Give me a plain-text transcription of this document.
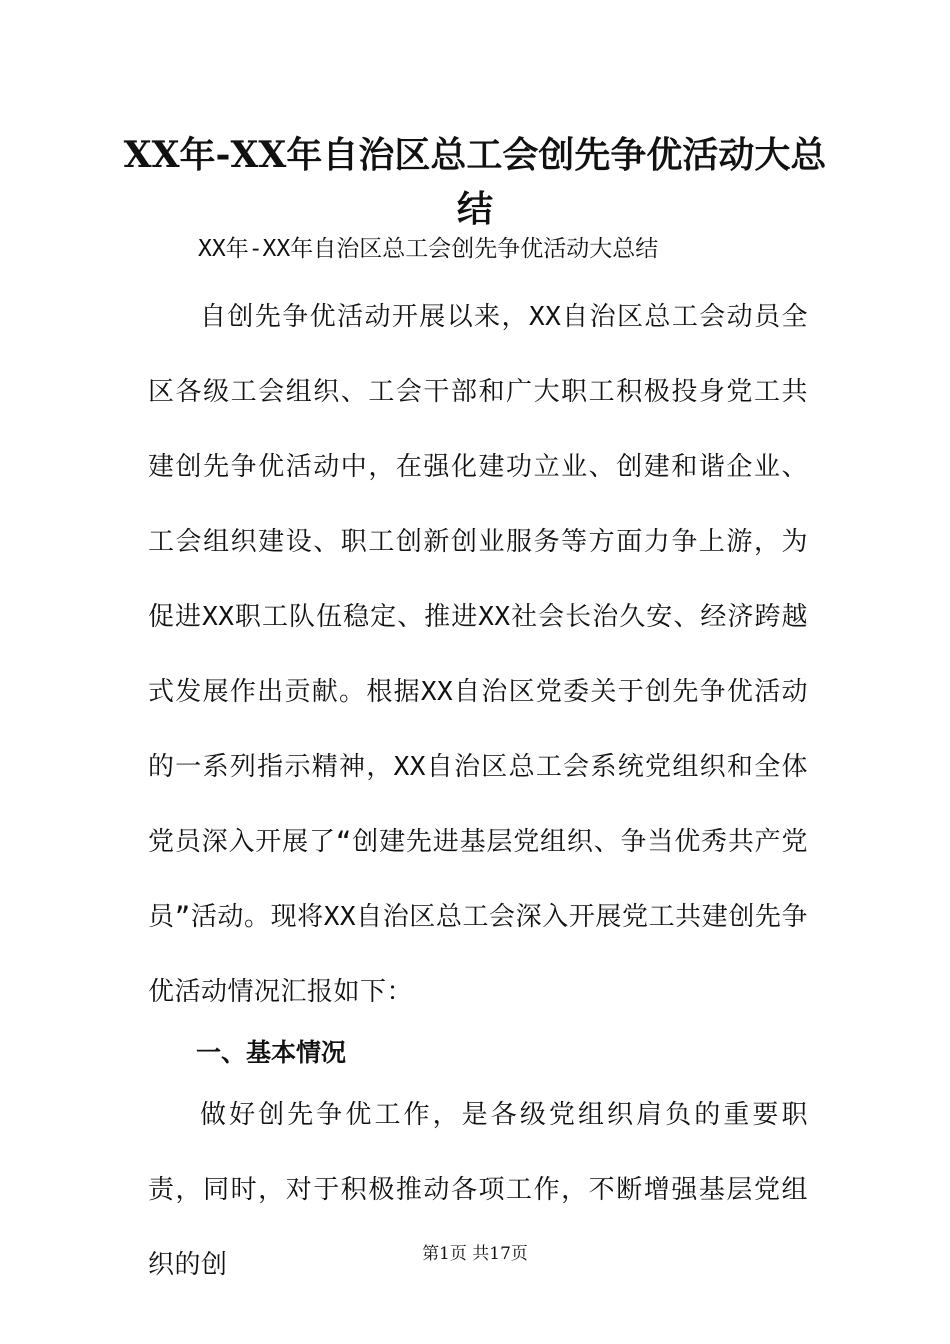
XX年-XX年自治区总工会创先争优活动大总结

XX年-XX年自治区总工会创先争优活动大总结

自创先争优活动开展以来，XX自治区总工会动员全区各级工会组织、工会干部和广大职工积极投身党工共建创先争优活动中，在强化建功立业、创建和谐企业、工会组织建设、职工创新创业服务等方面力争上游，为促进XX职工队伍稳定、推进XX社会长治久安、经济跨越式发展作出贡献。根据XX自治区党委关于创先争优活动的一系列指示精神，XX自治区总工会系统党组织和全体党员深入开展了“创建先进基层党组织、争当优秀共产党员”活动。现将XX自治区总工会深入开展党工共建创先争优活动情况汇报如下：

一、基本情况

做好创先争优工作，是各级党组织肩负的重要职责，同时，对于积极推动各项工作，不断增强基层党组织的创	第1页 共17页
